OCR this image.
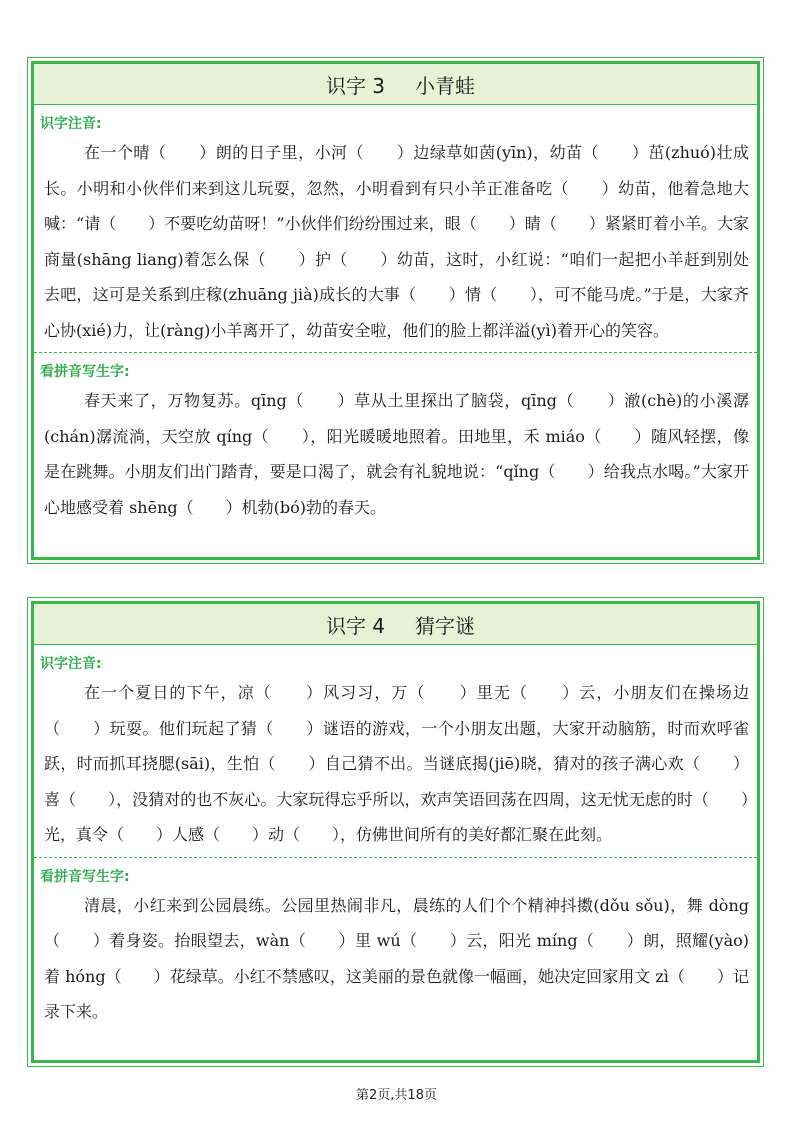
识字 3 小青蛙
识字注音:

在一个晴（　　）朗的日子里，小河（　　）边绿草如茵(yīn)，幼苗（　　）茁(zhuó)壮成长。小明和小伙伴们来到这儿玩耍，忽然，小明看到有只小羊正准备吃（　　）幼苗，他着急地大喊：“请（　　）不要吃幼苗呀！”小伙伴们纷纷围过来，眼（　　）睛（　　）紧紧盯着小羊。大家商量(shāng liang)着怎么保（　　）护（　　）幼苗，这时，小红说：“咱们一起把小羊赶到别处去吧，这可是关系到庄稼(zhuāng jià)成长的大事（　　）情（　　），可不能马虎。”于是，大家齐心协(xié)力，让(ràng)小羊离开了，幼苗安全啦，他们的脸上都洋溢(yì)着开心的笑容。

看拼音写生字:

春天来了，万物复苏。qīng（　　）草从土里探出了脑袋，qīng（　　）澈(chè)的小溪潺(chán)潺流淌，天空放 qíng（　　），阳光暖暖地照着。田地里，禾 miáo（　　）随风轻摆，像是在跳舞。小朋友们出门踏青，要是口渴了，就会有礼貌地说：“qǐng（　　）给我点水喝。”大家开心地感受着 shēng（　　）机勃(bó)勃的春天。

识字 4 猜字谜
识字注音:

在一个夏日的下午，凉（　　）风习习，万（　　）里无（　　）云，小朋友们在操场边（　　）玩耍。他们玩起了猜（　　）谜语的游戏，一个小朋友出题，大家开动脑筋，时而欢呼雀跃，时而抓耳挠腮(sāi)，生怕（　　）自己猜不出。当谜底揭(jiē)晓，猜对的孩子满心欢（　　）喜（　　），没猜对的也不灰心。大家玩得忘乎所以，欢声笑语回荡在四周，这无忧无虑的时（　　）光，真令（　　）人感（　　）动（　　），仿佛世间所有的美好都汇聚在此刻。

看拼音写生字:

清晨，小红来到公园晨练。公园里热闹非凡，晨练的人们个个精神抖擞(dǒu sǒu)，舞 dòng（　　）着身姿。抬眼望去，wàn（　　）里 wú（　　）云，阳光 míng（　　）朗，照耀(yào)着 hóng（　　）花绿草。小红不禁感叹，这美丽的景色就像一幅画，她决定回家用文 zì（　　）记录下来。

第2页,共18页
